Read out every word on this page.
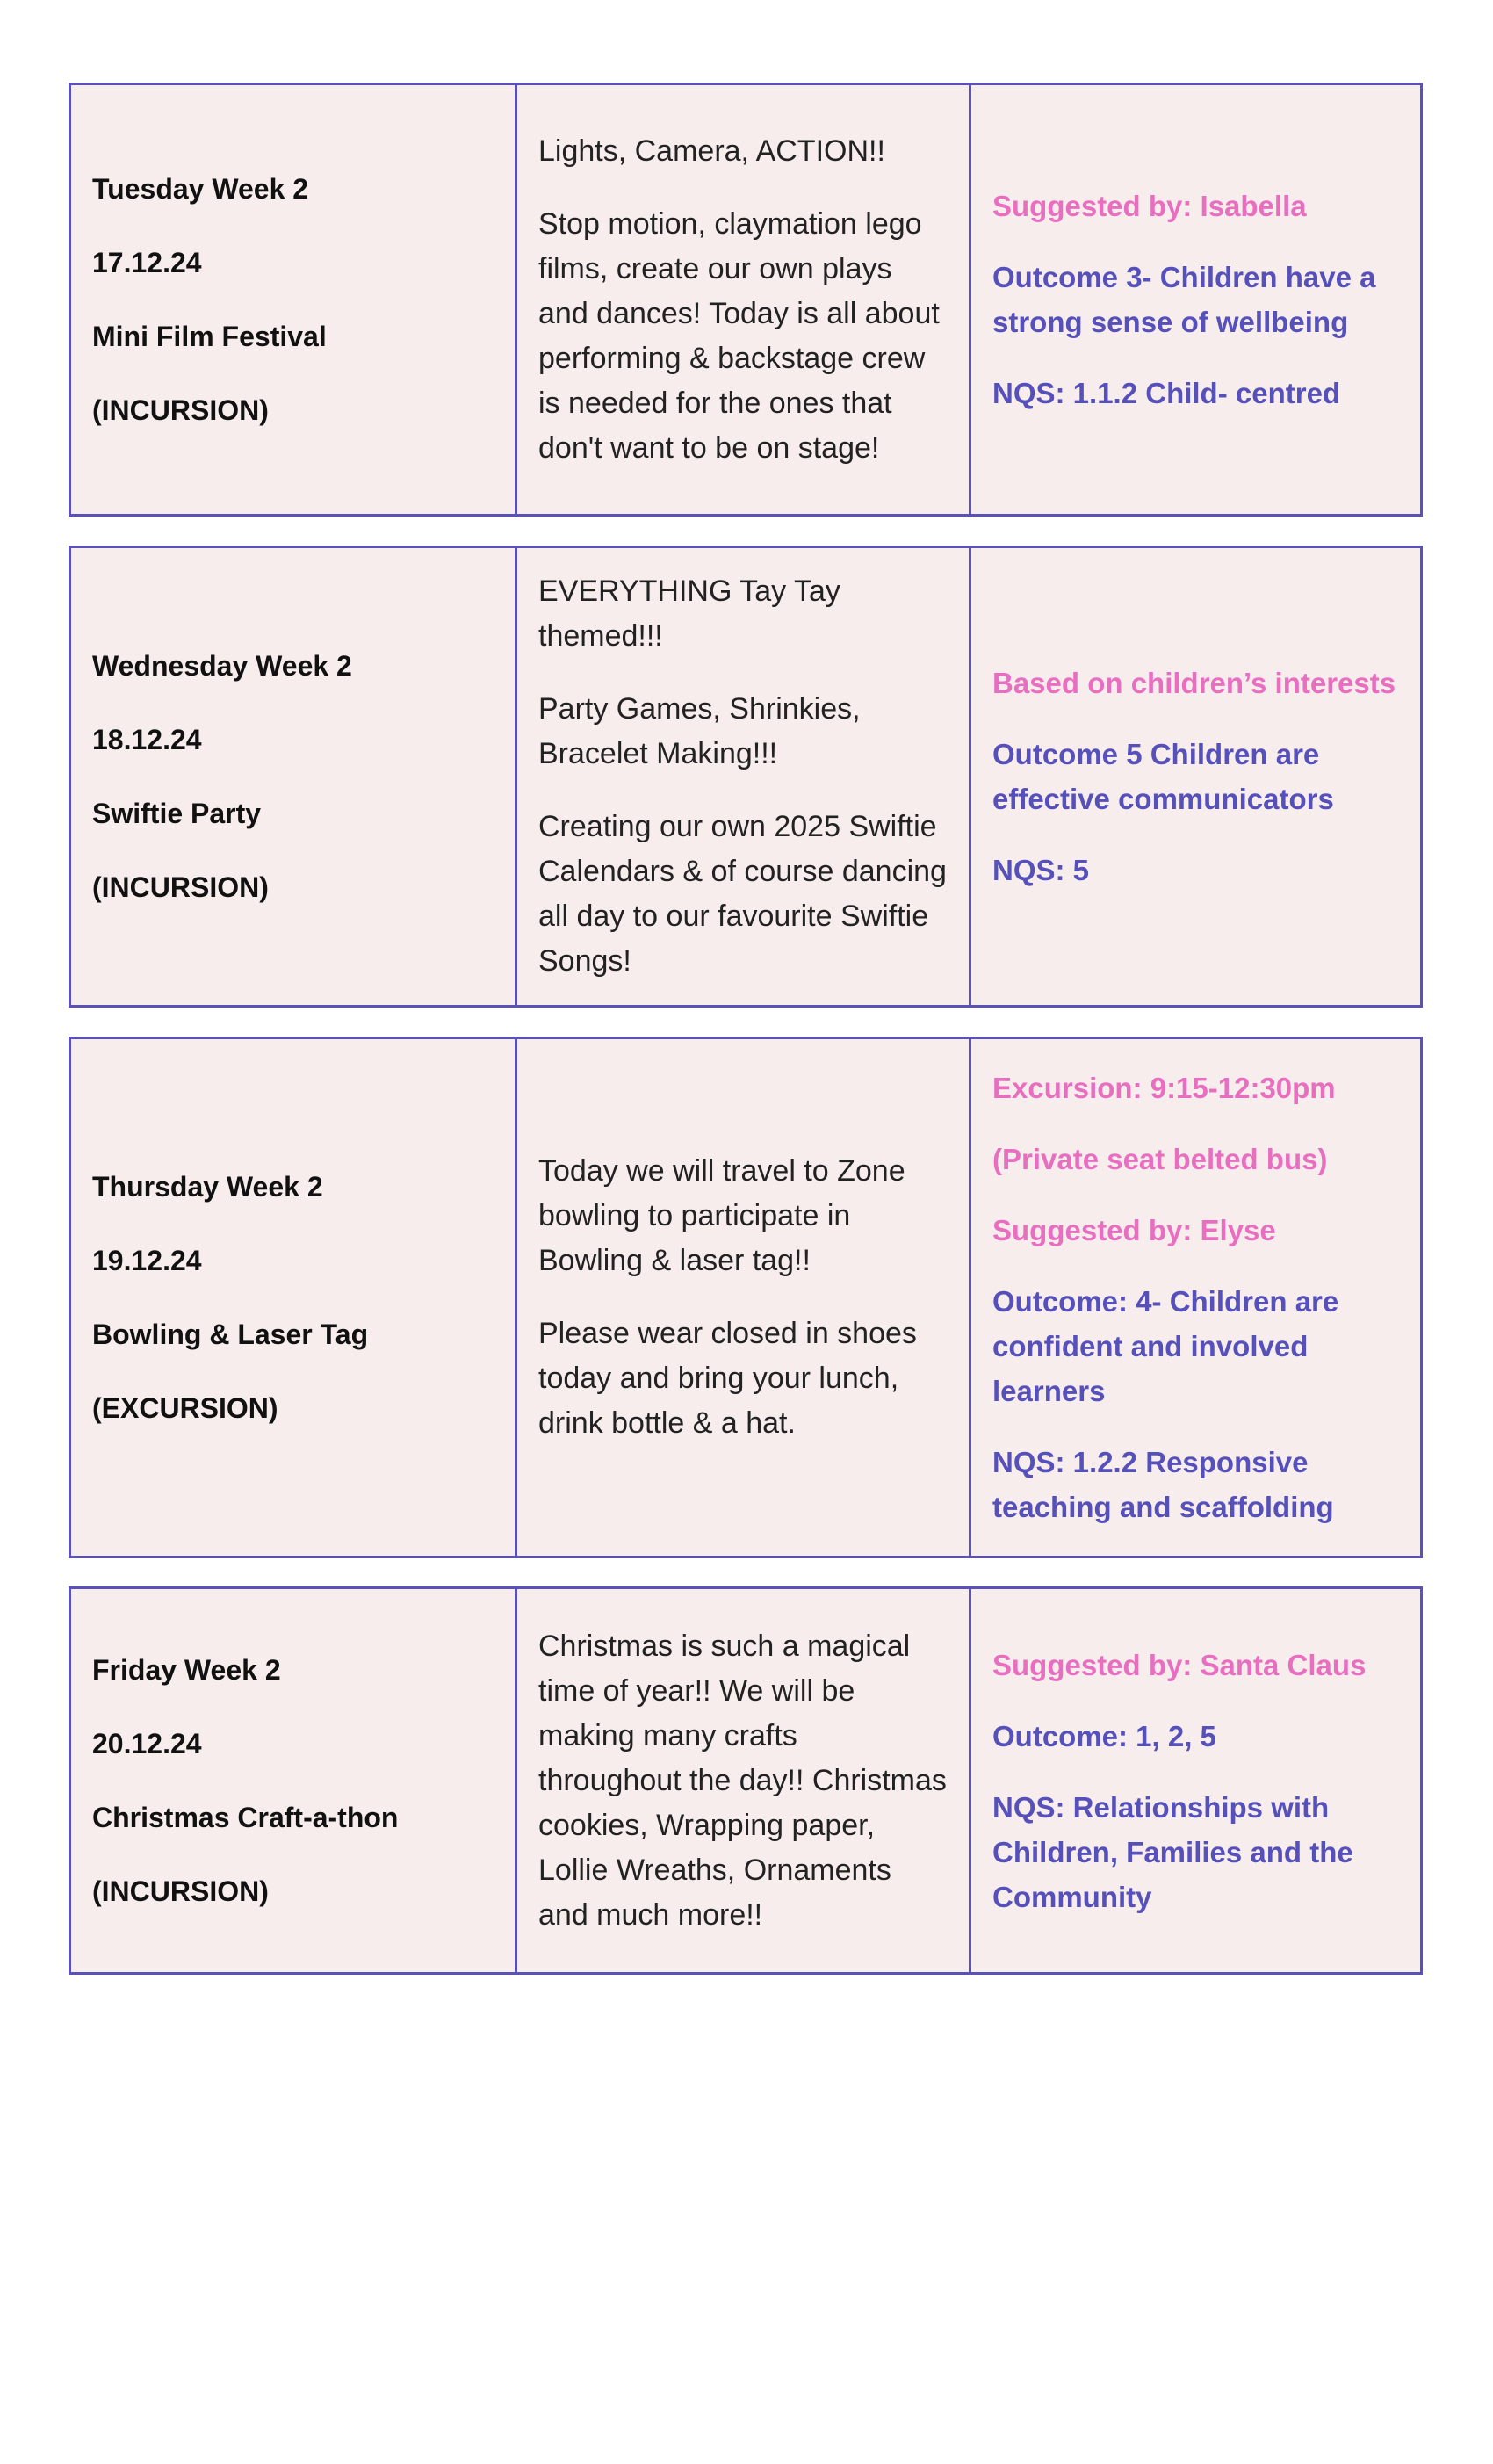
Tuesday Week 2

17.12.24

Mini Film Festival

(INCURSION)

Lights, Camera, ACTION!!

Stop motion, claymation lego films, create our own plays and dances! Today is all about performing & backstage crew is needed for the ones that don't want to be on stage!

Suggested by: Isabella

Outcome 3- Children have a strong sense of wellbeing

NQS: 1.1.2 Child- centred

Wednesday Week 2

18.12.24

Swiftie Party

(INCURSION)

EVERYTHING Tay Tay themed!!!

Party Games, Shrinkies, Bracelet Making!!!

Creating our own 2025 Swiftie Calendars & of course dancing all day to our favourite Swiftie Songs!

Based on children’s interests

Outcome 5 Children are effective communicators

NQS: 5

Thursday Week 2

19.12.24

Bowling & Laser Tag

(EXCURSION)

Today we will travel to Zone bowling to participate in Bowling & laser tag!!

Please wear closed in shoes today and bring your lunch, drink bottle & a hat.

Excursion: 9:15-12:30pm

(Private seat belted bus)

Suggested by: Elyse

Outcome: 4- Children are confident and involved learners

NQS: 1.2.2 Responsive teaching and scaffolding

Friday Week 2

20.12.24

Christmas Craft-a-thon

(INCURSION)

Christmas is such a magical time of year!! We will be making many crafts throughout the day!! Christmas cookies, Wrapping paper, Lollie Wreaths, Ornaments and much more!!

Suggested by: Santa Claus

Outcome: 1, 2, 5

NQS: Relationships with Children, Families and the Community
